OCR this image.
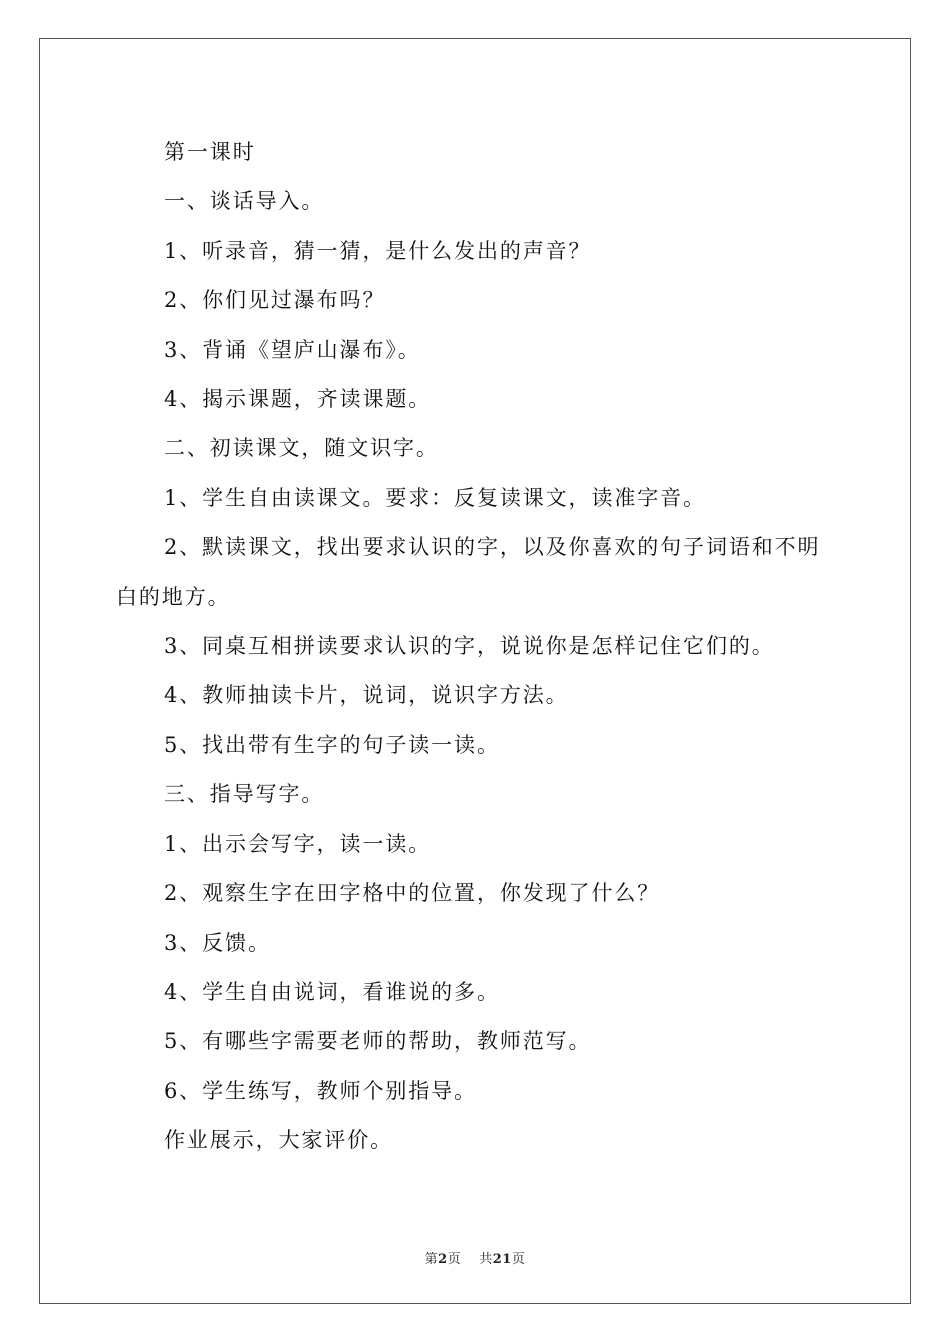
第一课时

一、谈话导入。

1、听录音，猜一猜，是什么发出的声音？

2、你们见过瀑布吗？

3、背诵《望庐山瀑布》。

4、揭示课题，齐读课题。

二、初读课文，随文识字。

1、学生自由读课文。要求：反复读课文，读准字音。

2、默读课文，找出要求认识的字，以及你喜欢的句子词语和不明白的地方。

3、同桌互相拼读要求认识的字，说说你是怎样记住它们的。

4、教师抽读卡片，说词，说识字方法。

5、找出带有生字的句子读一读。

三、指导写字。

1、出示会写字，读一读。

2、观察生字在田字格中的位置，你发现了什么？

3、反馈。

4、学生自由说词，看谁说的多。

5、有哪些字需要老师的帮助，教师范写。

6、学生练写，教师个别指导。

作业展示，大家评价。

第2页 共21页
